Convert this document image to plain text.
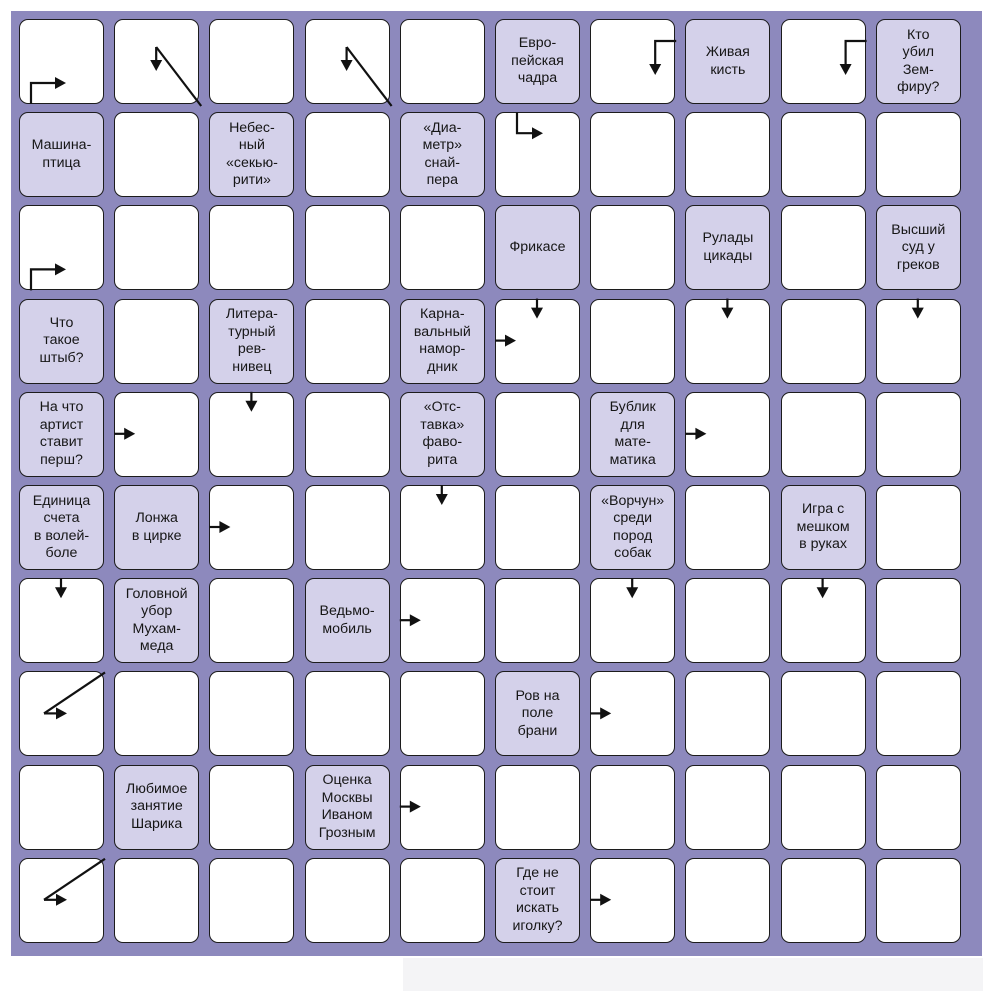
Евро-
пейская
чадра
Живая
кисть
Кто
убил
Зем-
фиру?
Машина-
птица
Небес-
ный
«секью-
рити»
«Диа-
метр»
снай-
пера
Фрикасе
Рулады
цикады
Высший
суд у
греков
Что
такое
штыб?
Литера-
турный
рев-
нивец
Карна-
вальный
намор-
дник
На что
артист
ставит
перш?
«Отс-
тавка»
фаво-
рита
Бублик
для
мате-
матика
Единица
счета
в волей-
боле
Лонжа
в цирке
«Ворчун»
среди
пород
собак
Игра с
мешком
в руках
Головной
убор
Мухам-
меда
Ведьмо-
мобиль
Ров на
поле
брани
Любимое
занятие
Шарика
Оценка
Москвы
Иваном
Грозным
Где не
стоит
искать
иголку?
